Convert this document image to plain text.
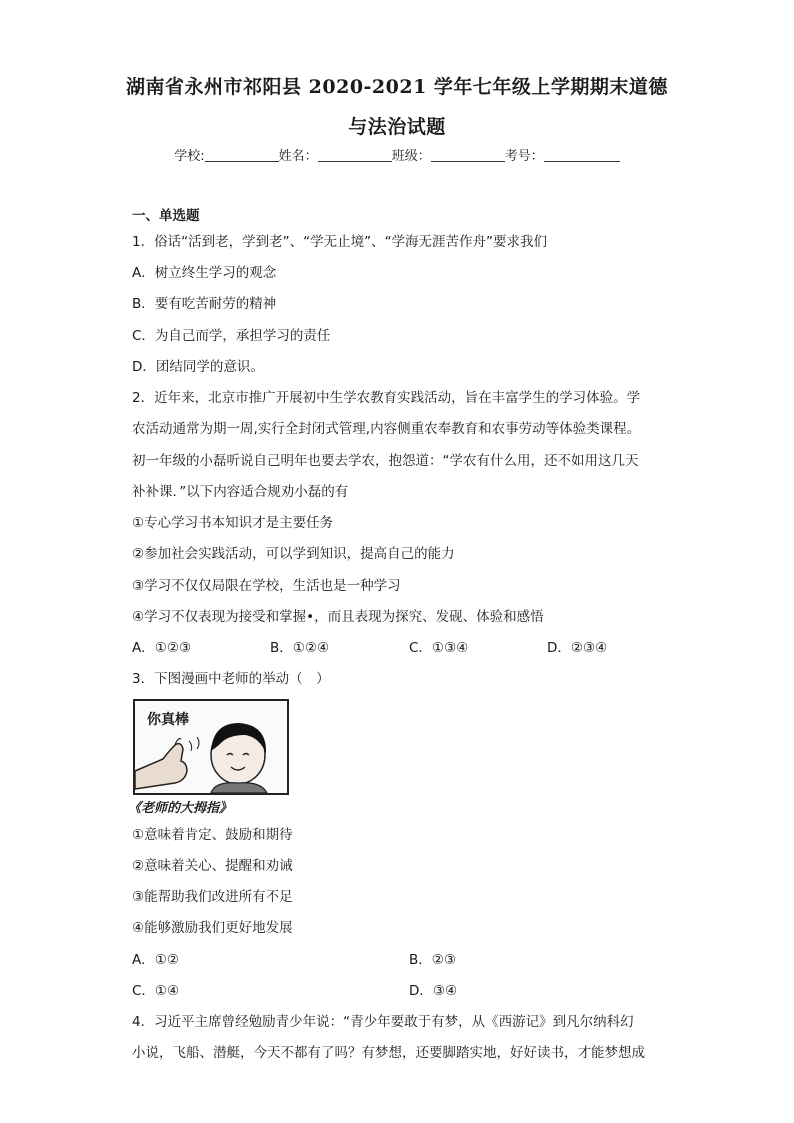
湖南省永州市祁阳县 2020-2021 学年七年级上学期期末道德
与法治试题
学校:	姓名：	班级：	考号：
一、单选题
1．俗话“活到老，学到老”、“学无止境”、“学海无涯苦作舟”要求我们
A．树立终生学习的观念
B．要有吃苦耐劳的精神
C．为自己而学，承担学习的责任
D．团结同学的意识。
2．近年来，北京市推广开展初中生学农教育实践活动，旨在丰富学生的学习体验。学
农活动通常为期一周,实行全封闭式管理,内容侧重农奉教育和农事劳动等体验类课程。
初一年级的小磊听说自己明年也要去学农，抱怨道：“学农有什么用，还不如用这几天
补补课．”以下内容适合规劝小磊的有
①专心学习书本知识才是主要任务
②参加社会实践活动，可以学到知识，提高自己的能力
③学习不仅仅局限在学校，生活也是一种学习
④学习不仅表现为接受和掌握•，而且表现为探究、发砚、体验和感悟
A．①②③	B．①②④	C．①③④	D．②③④
3．下图漫画中老师的举动（　）
你真棒
《老师的大拇指》
①意味着肯定、鼓励和期待
②意味着关心、提醒和劝诫
③能帮助我们改进所有不足
④能够激励我们更好地发展
A．①②	B．②③
C．①④	D．③④
4．习近平主席曾经勉励青少年说：“青少年要敢于有梦，从《西游记》到凡尔纳科幻
小说，飞船、潜艇，今天不都有了吗？有梦想，还要脚踏实地，好好读书，才能梦想成
